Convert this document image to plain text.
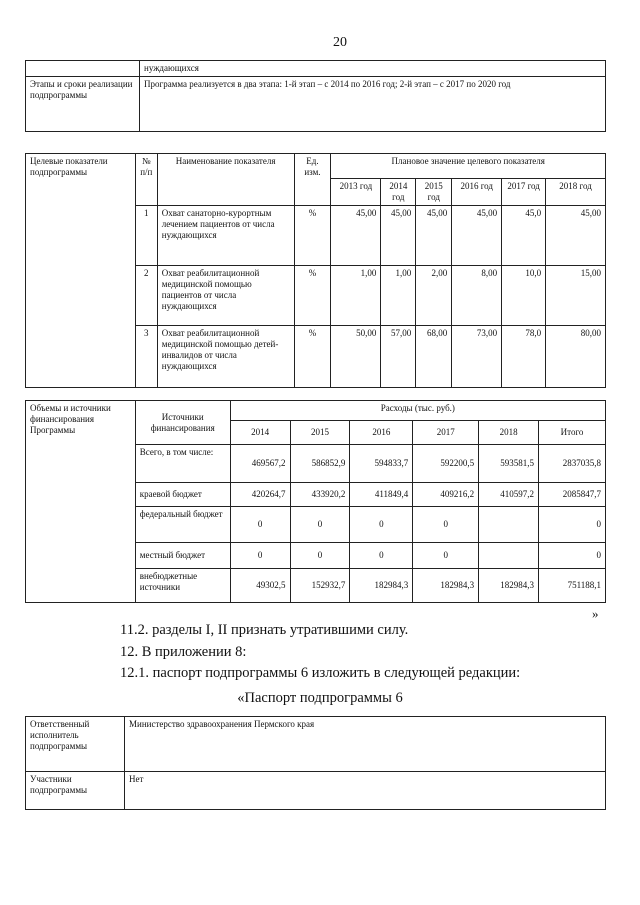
20
	нуждающихся
Этапы и сроки реализации подпрограммы	Программа реализуется в два этапа: 1-й этап – с 2014 по 2016 год; 2-й этап – с 2017 по 2020 год
Целевые показатели подпрограммы	№ п/п	Наименование показателя	Ед. изм.	Плановое значение целевого показателя					
				2013 год	2014 год	2015 год	2016 год	2017 год	2018 год
	1	Охват санаторно-курортным лечением пациентов от числа нуждающихся	%	45,00	45,00	45,00	45,00	45,0	45,00
	2	Охват реабилитационной медицинской помощью пациентов от числа нуждающихся	%	1,00	1,00	2,00	8,00	10,0	15,00
	3	Охват реабилитационной медицинской помощью детей-инвалидов от числа нуждающихся	%	50,00	57,00	68,00	73,00	78,0	80,00
Объемы и источники финансирования Программы	Источники финансирования	Расходы (тыс. руб.)					
		2014	2015	2016	2017	2018	Итого
	Всего, в том числе:	469567,2	586852,9	594833,7	592200,5	593581,5	2837035,8
	краевой бюджет	420264,7	433920,2	411849,4	409216,2	410597,2	2085847,7
	федеральный бюджет	0	0	0	0		0
	местный бюджет	0	0	0	0		0
	внебюджетные источники	49302,5	152932,7	182984,3	182984,3	182984,3	751188,1
»
11.2. разделы I, II признать утратившими силу.
12. В приложении 8:
12.1. паспорт подпрограммы 6 изложить в следующей редакции:
«Паспорт подпрограммы 6
Ответственный исполнитель подпрограммы	Министерство здравоохранения Пермского края
Участники подпрограммы	Нет
